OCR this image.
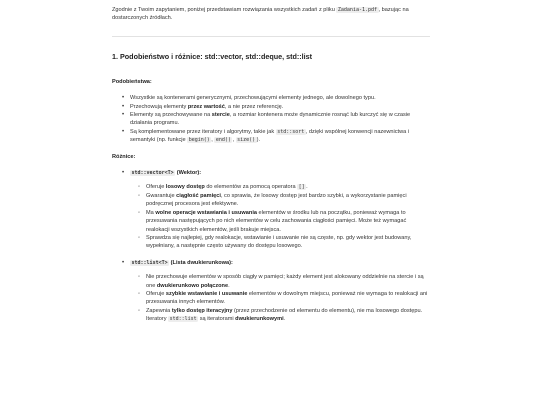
Zgodnie z Twoim zapytaniem, poniżej przedstawiam rozwiązania wszystkich zadań z pliku Zadania-1.pdf , bazując na dostarczonych źródłach.

1. Podobieństwo i różnice: std::vector, std::deque, std::list

Podobieństwa:

• Wszystkie są kontenerami generycznymi, przechowującymi elementy jednego, ale dowolnego typu.
• Przechowują elementy przez wartość, a nie przez referencję.
• Elementy są przechowywane na stercie, a rozmiar kontenera może dynamicznie rosnąć lub kurczyć się w czasie działania programu.
• Są komplementowane przez iteratory i algorytmy, takie jak std::sort , dzięki wspólnej konwencji nazewnictwa i semantyki (np. funkcje begin() , end() , size() ).

Różnice:

• std::vector<T> (Wektor):
◦ Oferuje losowy dostęp do elementów za pomocą operatora [] .
◦ Gwarantuje ciągłość pamięci, co sprawia, że losowy dostęp jest bardzo szybki, a wykorzystanie pamięci podręcznej procesora jest efektywne.
◦ Ma wolne operacje wstawiania i usuwania elementów w środku lub na początku, ponieważ wymaga to przesuwania następujących po nich elementów w celu zachowania ciągłości pamięci. Może też wymagać realokacji wszystkich elementów, jeśli brakuje miejsca.
◦ Sprawdza się najlepiej, gdy realokacje, wstawianie i usuwanie nie są częste, np. gdy wektor jest budowany, wypełniany, a następnie często używany do dostępu losowego.
• std::list<T> (Lista dwukierunkowa):
◦ Nie przechowuje elementów w sposób ciągły w pamięci; każdy element jest alokowany oddzielnie na stercie i są one dwukierunkowo połączone.
◦ Oferuje szybkie wstawianie i usuwanie elementów w dowolnym miejscu, ponieważ nie wymaga to realokacji ani przesuwania innych elementów.
◦ Zapewnia tylko dostęp iteracyjny (przez przechodzenie od elementu do elementu), nie ma losowego dostępu. Iteratory std::list są iteratorami dwukierunkowymi.
